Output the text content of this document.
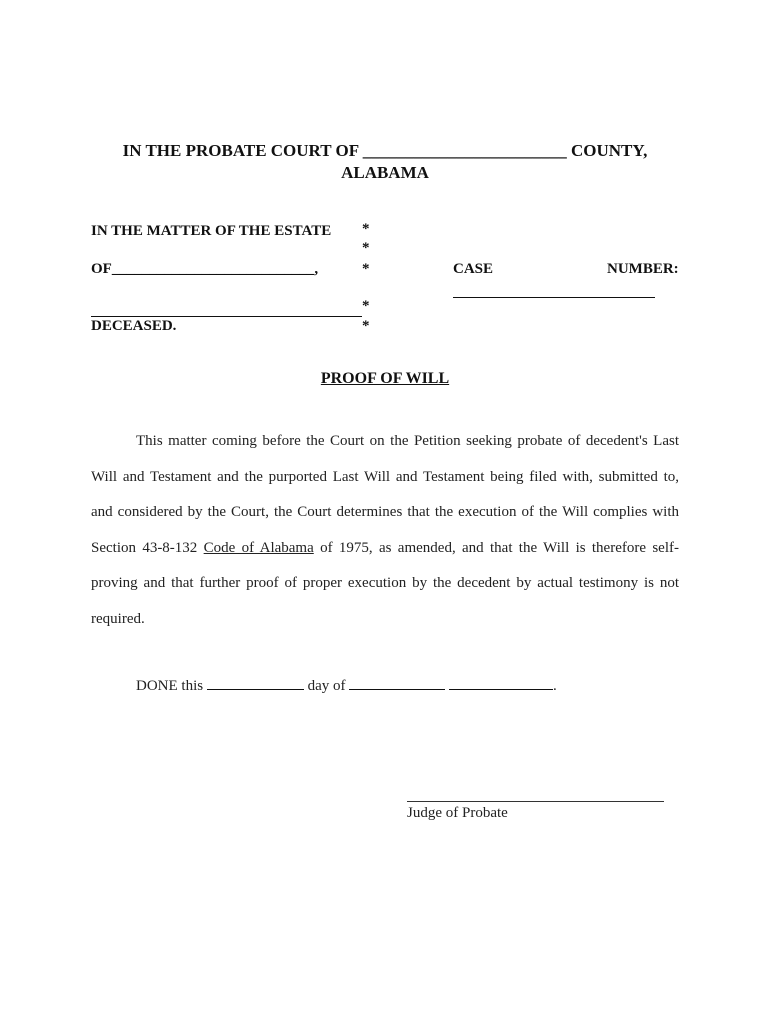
IN THE PROBATE COURT OF ________________________ COUNTY,
ALABAMA
IN THE MATTER OF THE ESTATE *
*
OF___________________________,	*	CASE	NUMBER:
*
DECEASED.	*
PROOF OF WILL
This matter coming before the Court on the Petition seeking probate of decedent's Last
Will and Testament and the purported Last Will and Testament being filed with, submitted to,
and considered by the Court, the Court determines that the execution of the Will complies with
Section 43-8-132 Code of Alabama of 1975, as amended, and that the Will is therefore self-
proving and that further proof of proper execution by the decedent by actual testimony is not
required.
DONE this	day of	.
Judge of Probate
